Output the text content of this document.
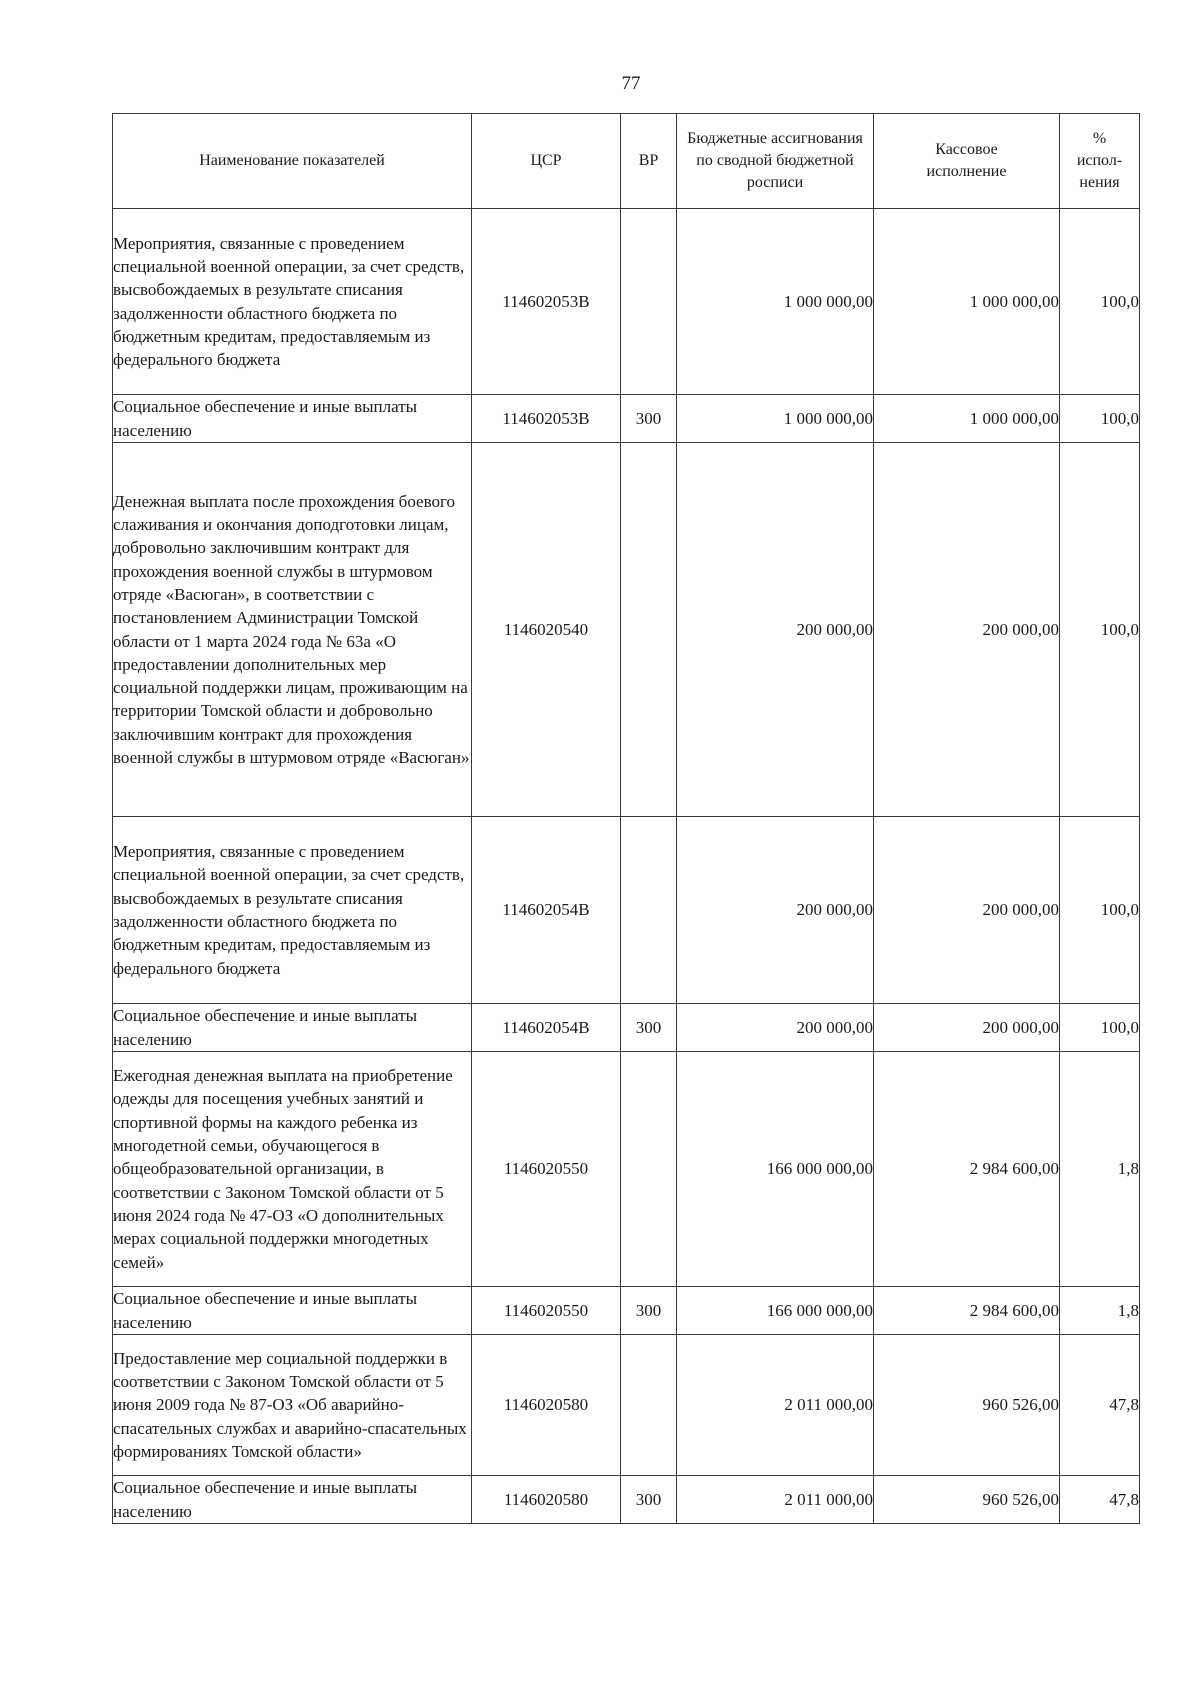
77
Наименование показателей	ЦСР	ВР	Бюджетные ассигнования по сводной бюджетной росписи	Кассовое исполнение	% испол-нения

Мероприятия, связанные с проведением специальной военной операции, за счет средств, высвобождаемых в результате списания задолженности областного бюджета по бюджетным кредитам, предоставляемым из федерального бюджета	114602053В		1 000 000,00	1 000 000,00	100,0
Социальное обеспечение и иные выплаты населению	114602053В	300	1 000 000,00	1 000 000,00	100,0
Денежная выплата после прохождения боевого слаживания и окончания доподготовки лицам, добровольно заключившим контракт для прохождения военной службы в штурмовом отряде «Васюган», в соответствии с постановлением Администрации Томской области от 1 марта 2024 года № 63а «О предоставлении дополнительных мер социальной поддержки лицам, проживающим на территории Томской области и добровольно заключившим контракт для прохождения военной службы в штурмовом отряде «Васюган»	1146020540		200 000,00	200 000,00	100,0
Мероприятия, связанные с проведением специальной военной операции, за счет средств, высвобождаемых в результате списания задолженности областного бюджета по бюджетным кредитам, предоставляемым из федерального бюджета	114602054В		200 000,00	200 000,00	100,0
Социальное обеспечение и иные выплаты населению	114602054В	300	200 000,00	200 000,00	100,0
Ежегодная денежная выплата на приобретение одежды для посещения учебных занятий и спортивной формы на каждого ребенка из многодетной семьи, обучающегося в общеобразовательной организации, в соответствии с Законом Томской области от 5 июня 2024 года № 47-ОЗ «О дополнительных мерах социальной поддержки многодетных семей»	1146020550		166 000 000,00	2 984 600,00	1,8
Социальное обеспечение и иные выплаты населению	1146020550	300	166 000 000,00	2 984 600,00	1,8
Предоставление мер социальной поддержки в соответствии с Законом Томской области от 5 июня 2009 года № 87-ОЗ «Об аварийно-спасательных службах и аварийно-спасательных формированиях Томской области»	1146020580		2 011 000,00	960 526,00	47,8
Социальное обеспечение и иные выплаты населению	1146020580	300	2 011 000,00	960 526,00	47,8
